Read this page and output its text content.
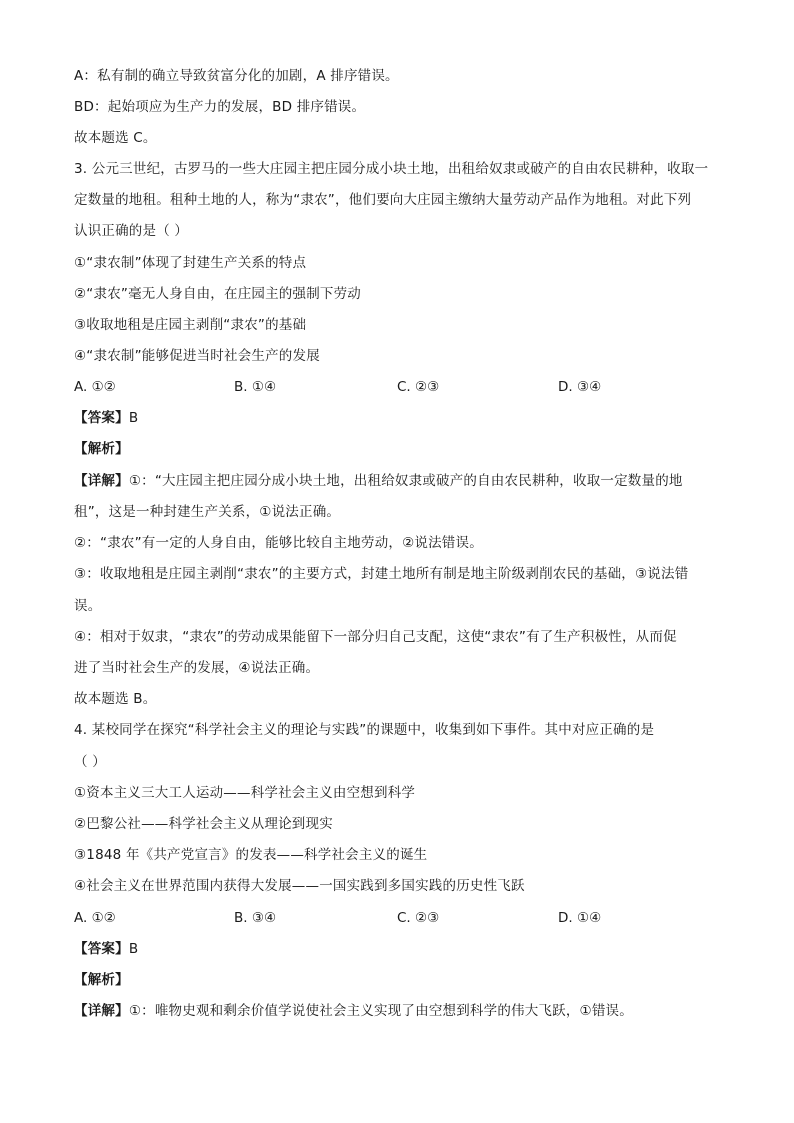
A：私有制的确立导致贫富分化的加剧，A 排序错误。
BD：起始项应为生产力的发展，BD 排序错误。
故本题选 C。
3. 公元三世纪，古罗马的一些大庄园主把庄园分成小块土地，出租给奴隶或破产的自由农民耕种，收取一
定数量的地租。租种土地的人，称为“隶农”，他们要向大庄园主缴纳大量劳动产品作为地租。对此下列
认识正确的是（ ）
①“隶农制”体现了封建生产关系的特点
②“隶农”毫无人身自由，在庄园主的强制下劳动
③收取地租是庄园主剥削“隶农”的基础
④“隶农制”能够促进当时社会生产的发展
A. ①②	B. ①④	C. ②③	D. ③④
【答案】B
【解析】
【详解】①：“大庄园主把庄园分成小块土地，出租给奴隶或破产的自由农民耕种，收取一定数量的地
租”，这是一种封建生产关系，①说法正确。
②：“隶农”有一定的人身自由，能够比较自主地劳动，②说法错误。
③：收取地租是庄园主剥削“隶农”的主要方式，封建土地所有制是地主阶级剥削农民的基础，③说法错
误。
④：相对于奴隶，“隶农”的劳动成果能留下一部分归自己支配，这使“隶农”有了生产积极性，从而促
进了当时社会生产的发展，④说法正确。
故本题选 B。
4. 某校同学在探究“科学社会主义的理论与实践”的课题中，收集到如下事件。其中对应正确的是
（ ）
①资本主义三大工人运动——科学社会主义由空想到科学
②巴黎公社——科学社会主义从理论到现实
③1848 年《共产党宣言》的发表——科学社会主义的诞生
④社会主义在世界范围内获得大发展——一国实践到多国实践的历史性飞跃
A. ①②	B. ③④	C. ②③	D. ①④
【答案】B
【解析】
【详解】①：唯物史观和剩余价值学说使社会主义实现了由空想到科学的伟大飞跃，①错误。
